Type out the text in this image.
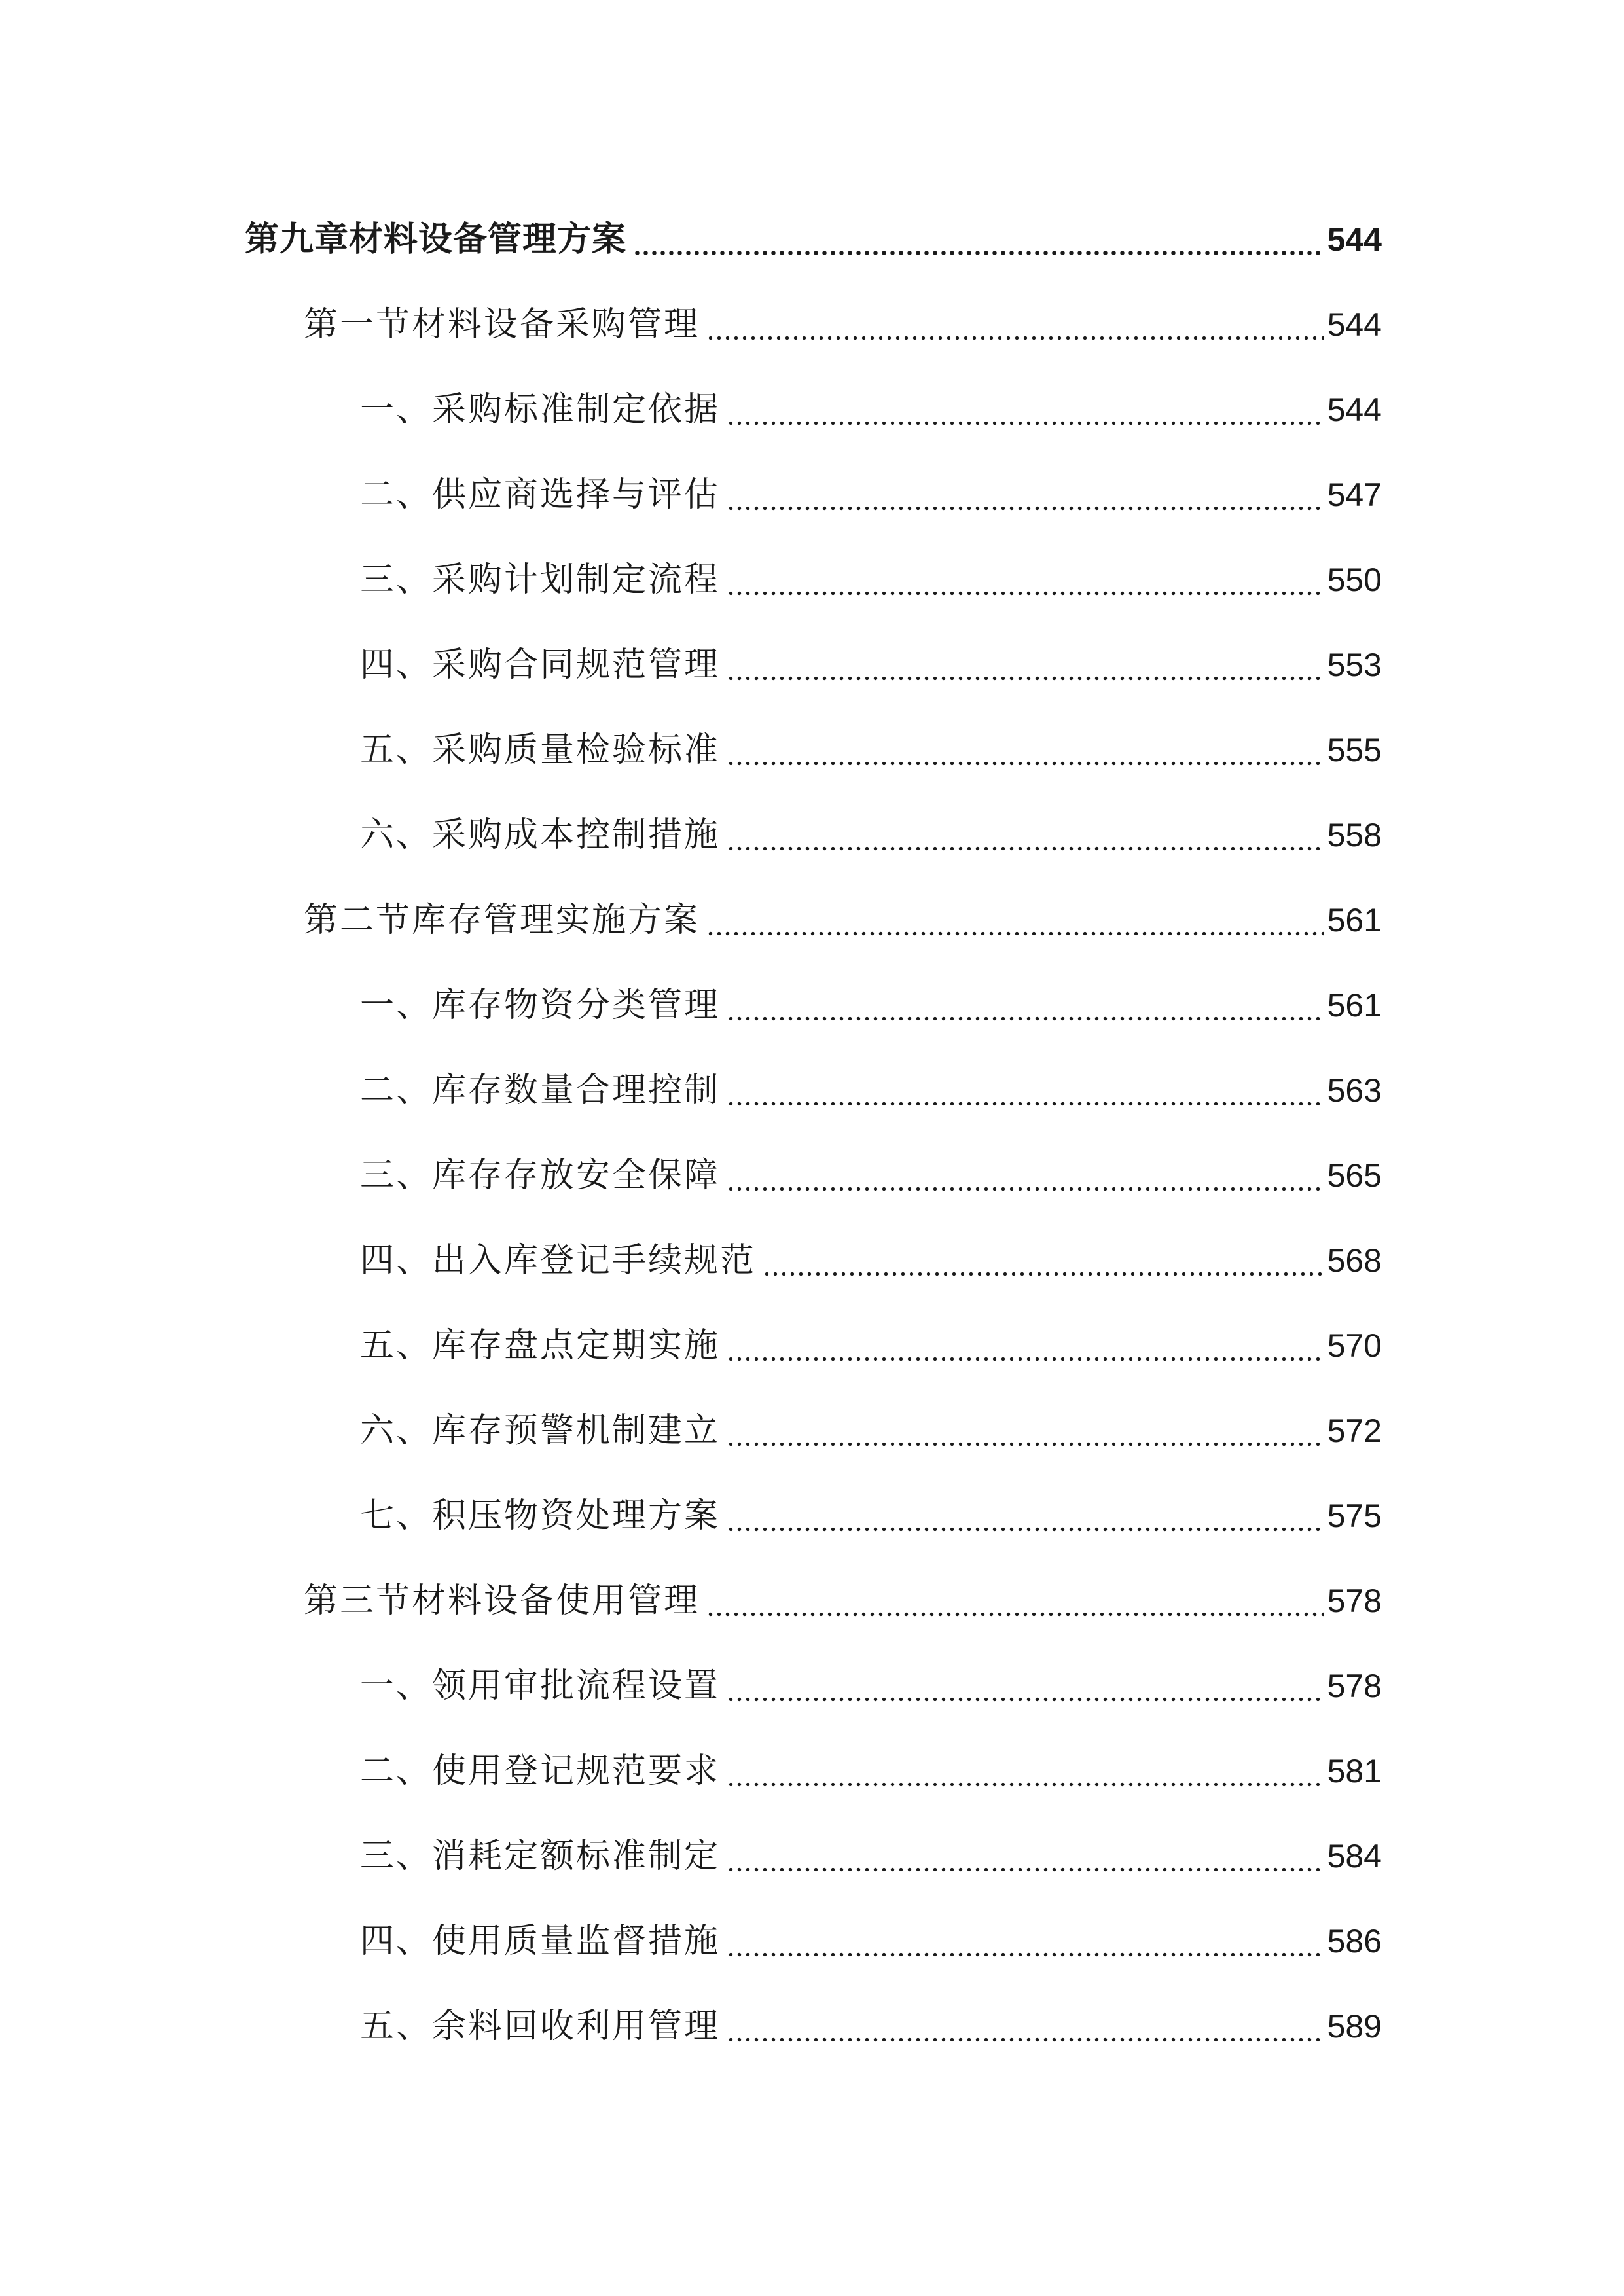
第九章材料设备管理方案	544
第一节材料设备采购管理	544
一、采购标准制定依据	544
二、供应商选择与评估	547
三、采购计划制定流程	550
四、采购合同规范管理	553
五、采购质量检验标准	555
六、采购成本控制措施	558
第二节库存管理实施方案	561
一、库存物资分类管理	561
二、库存数量合理控制	563
三、库存存放安全保障	565
四、出入库登记手续规范	568
五、库存盘点定期实施	570
六、库存预警机制建立	572
七、积压物资处理方案	575
第三节材料设备使用管理	578
一、领用审批流程设置	578
二、使用登记规范要求	581
三、消耗定额标准制定	584
四、使用质量监督措施	586
五、余料回收利用管理	589
